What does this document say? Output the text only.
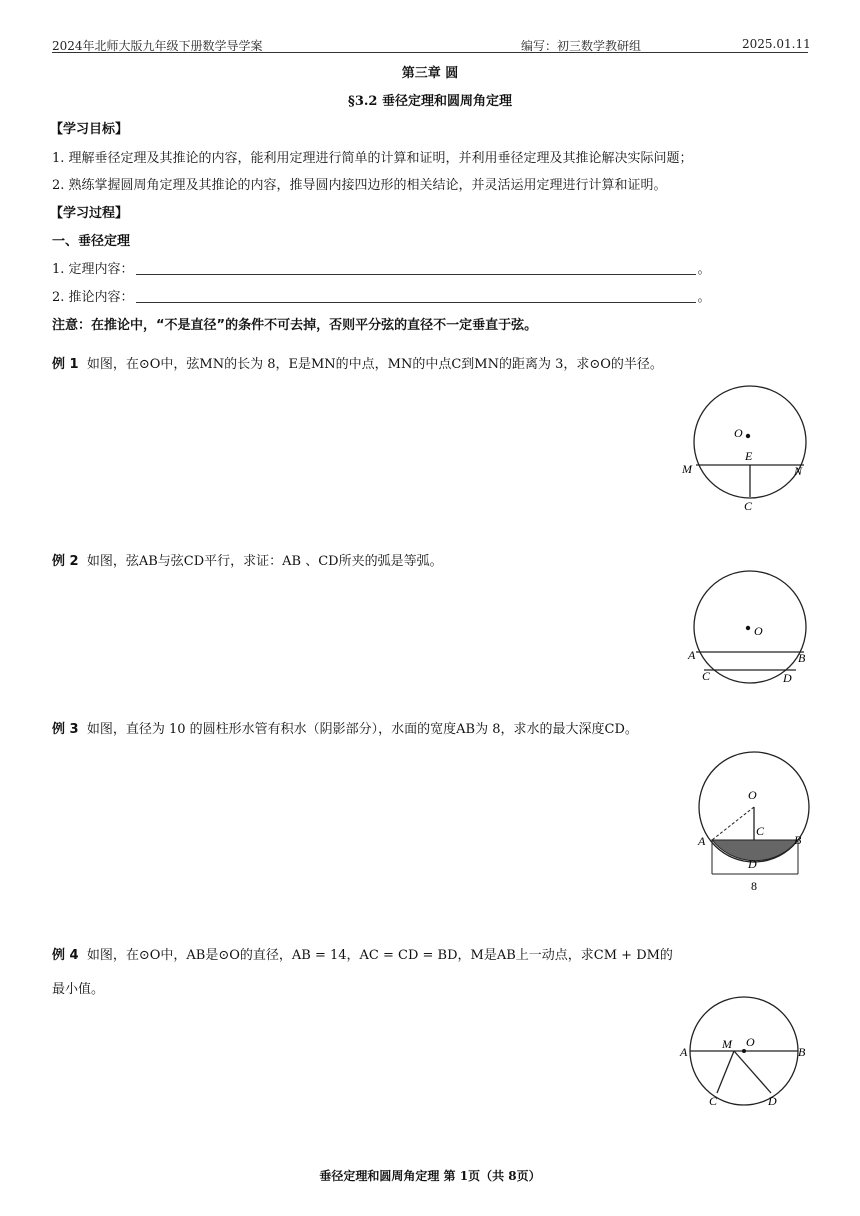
2024年北师大版九年级下册数学导学案	编写：初三数学教研组	2025.01.11
第三章 圆
§3.2 垂径定理和圆周角定理
【学习目标】
1. 理解垂径定理及其推论的内容，能利用定理进行简单的计算和证明，并利用垂径定理及其推论解决实际问题；
2. 熟练掌握圆周角定理及其推论的内容，推导圆内接四边形的相关结论，并灵活运用定理进行计算和证明。
【学习过程】
一、垂径定理
1. 定理内容：	。
2. 推论内容：	。
注意：在推论中，“不是直径”的条件不可去掉，否则平分弦的直径不一定垂直于弦。
例 1 如图，在⊙O中，弦MN的长为 8，E是MN的中点，MN的中点C到MN的距离为 3，求⊙O的半径。
O
E
M	N
C
例 2 如图，弦AB与弦CD平行，求证：AB 、CD所夹的弧是等弧。
O
A	B
C	D
例 3 如图，直径为 10 的圆柱形水管有积水（阴影部分），水面的宽度AB为 8，求水的最大深度CD。
O
C
A	B
D
8
例 4 如图，在⊙O中，AB是⊙O的直径，AB = 14，AC = CD = BD，M是AB上一动点，求CM + DM的
最小值。
A	B
M O
C	D
垂径定理和圆周角定理 第 1页（共 8页）
